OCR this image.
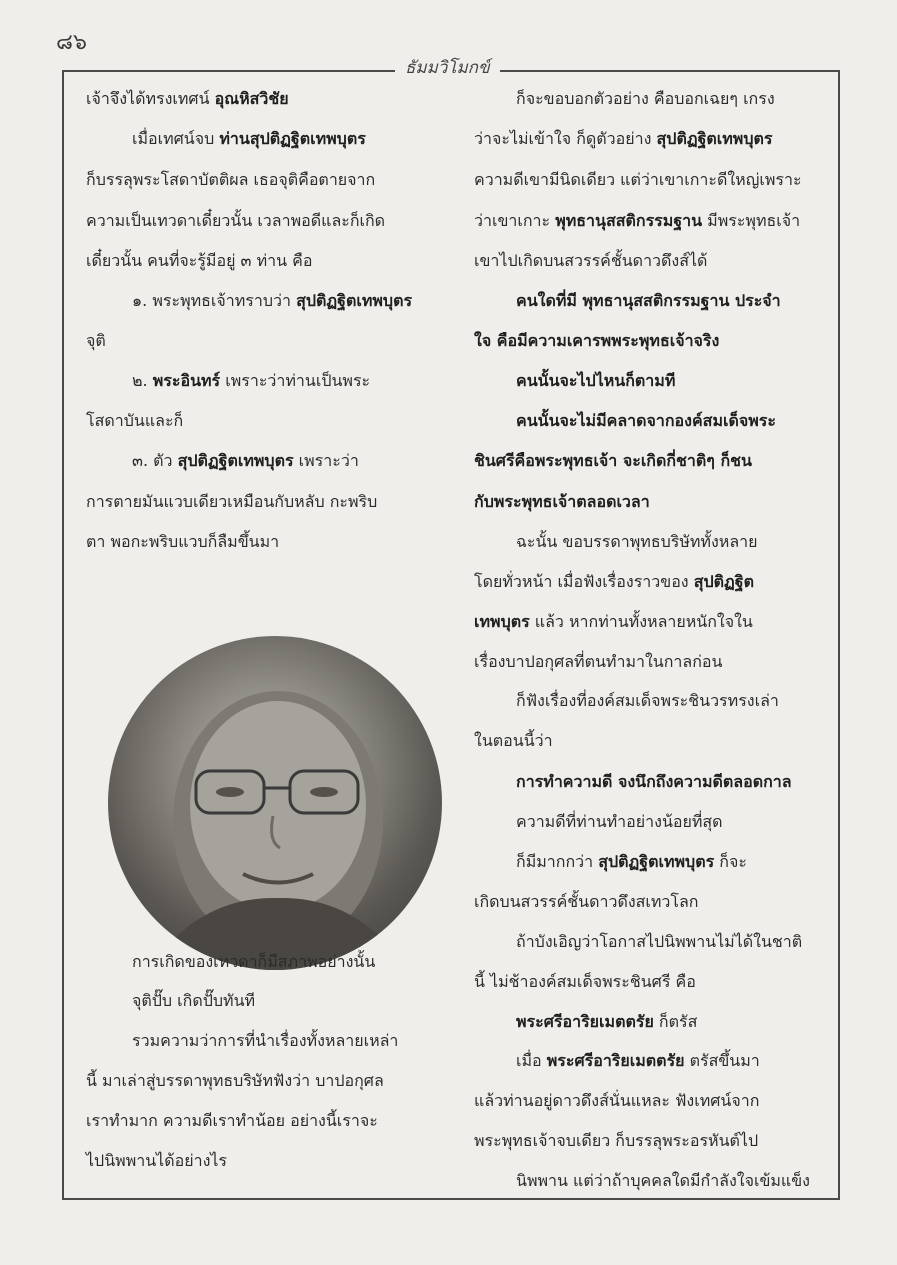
๘๖
ธัมมวิโมกข์
เจ้าจึงได้ทรงเทศน์ อุณหิสวิชัย
เมื่อเทศน์จบ ท่านสุปติฏฐิตเทพบุตร
ก็บรรลุพระโสดาบัตติผล เธอจุติคือตายจาก
ความเป็นเทวดาเดี๋ยวนั้น เวลาพอดีและก็เกิด
เดี๋ยวนั้น คนที่จะรู้มีอยู่ ๓ ท่าน คือ
๑. พระพุทธเจ้าทราบว่า สุปติฏฐิตเทพบุตร
จุติ
๒. พระอินทร์ เพราะว่าท่านเป็นพระ
โสดาบันและก็
๓. ตัว สุปติฏฐิตเทพบุตร เพราะว่า
การตายมันแวบเดียวเหมือนกับหลับ กะพริบ
ตา พอกะพริบแวบก็ลืมขึ้นมา
การเกิดของเทวดาก็มีสภาพอย่างนั้น
จุติปั๊บ เกิดปั๊บทันที
รวมความว่าการที่นำเรื่องทั้งหลายเหล่า
นี้ มาเล่าสู่บรรดาพุทธบริษัทฟังว่า บาปอกุศล
เราทำมาก ความดีเราทำน้อย อย่างนี้เราจะ
ไปนิพพานได้อย่างไร
ก็จะขอบอกตัวอย่าง คือบอกเฉยๆ เกรง
ว่าจะไม่เข้าใจ ก็ดูตัวอย่าง สุปติฏฐิตเทพบุตร
ความดีเขามีนิดเดียว แต่ว่าเขาเกาะดีใหญ่เพราะ
ว่าเขาเกาะ พุทธานุสสติกรรมฐาน มีพระพุทธเจ้า
เขาไปเกิดบนสวรรค์ชั้นดาวดึงส์ได้
คนใดที่มี พุทธานุสสติกรรมฐาน ประจำ
ใจ คือมีความเคารพพระพุทธเจ้าจริง
คนนั้นจะไปไหนก็ตามที
คนนั้นจะไม่มีคลาดจากองค์สมเด็จพระ
ชินศรีคือพระพุทธเจ้า จะเกิดกี่ชาติๆ ก็ชน
กับพระพุทธเจ้าตลอดเวลา
ฉะนั้น ขอบรรดาพุทธบริษัททั้งหลาย
โดยทั่วหน้า เมื่อฟังเรื่องราวของ สุปติฏฐิต
เทพบุตร แล้ว หากท่านทั้งหลายหนักใจใน
เรื่องบาปอกุศลที่ตนทำมาในกาลก่อน
ก็ฟังเรื่องที่องค์สมเด็จพระชินวรทรงเล่า
ในตอนนี้ว่า
การทำความดี จงนึกถึงความดีตลอดกาล
ความดีที่ท่านทำอย่างน้อยที่สุด
ก็มีมากกว่า สุปติฏฐิตเทพบุตร ก็จะ
เกิดบนสวรรค์ชั้นดาวดึงสเทวโลก
ถ้าบังเอิญว่าโอกาสไปนิพพานไม่ได้ในชาติ
นี้ ไม่ช้าองค์สมเด็จพระชินศรี คือ
พระศรีอาริยเมตตรัย ก็ตรัส
เมื่อ พระศรีอาริยเมตตรัย ตรัสขึ้นมา
แล้วท่านอยู่ดาวดึงส์นั่นแหละ ฟังเทศน์จาก
พระพุทธเจ้าจบเดียว ก็บรรลุพระอรหันต์ไป
นิพพาน แต่ว่าถ้าบุคคลใดมีกำลังใจเข้มแข็ง
